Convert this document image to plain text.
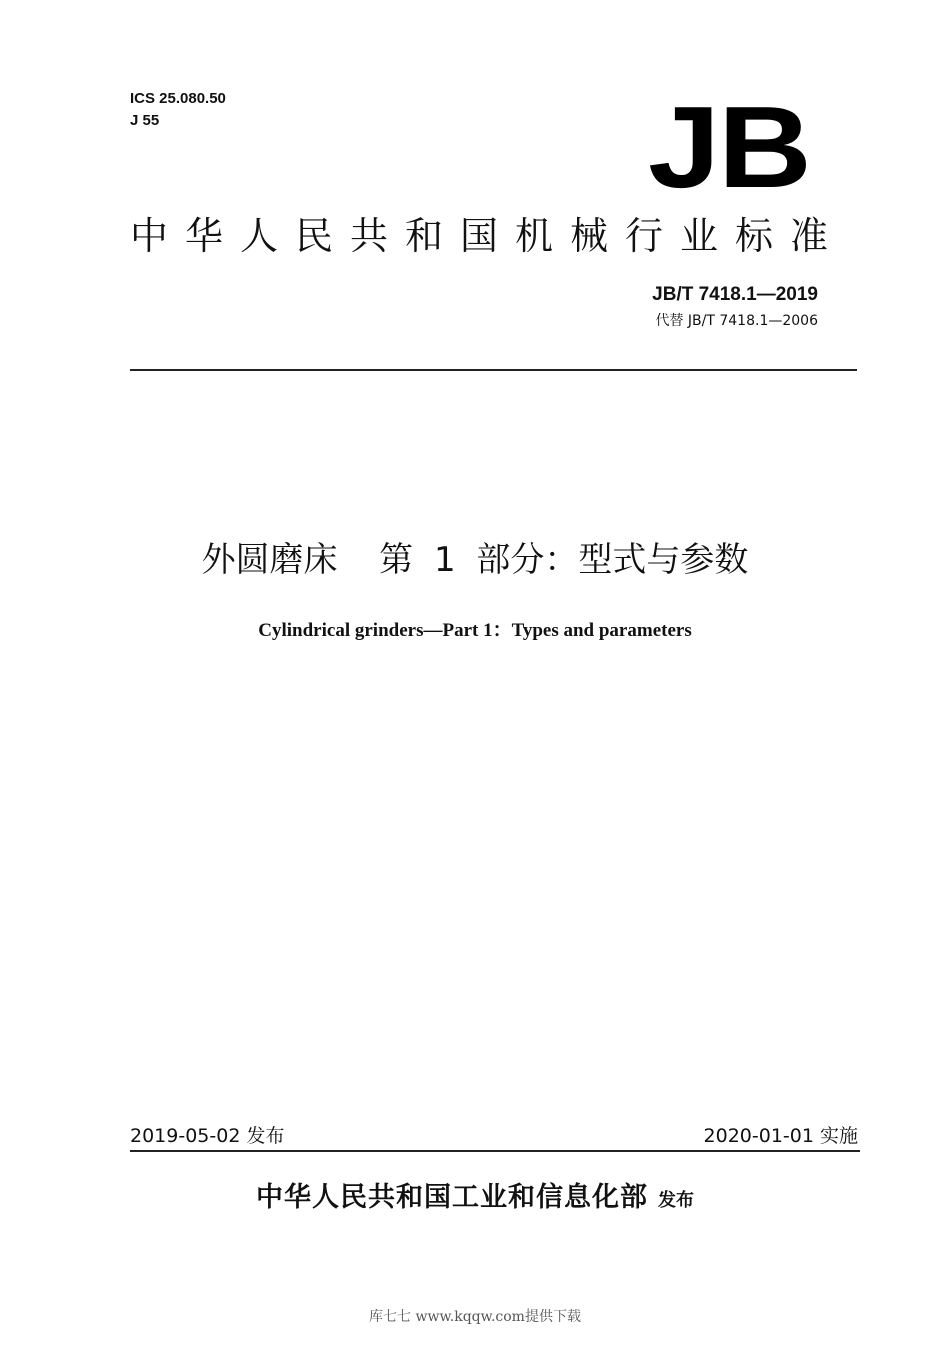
ICS 25.080.50
J 55	JB
中华人民共和国机械行业标准
JB/T 7418.1—2019
代替 JB/T 7418.1—2006
外圆磨床  第 1 部分：型式与参数
Cylindrical grinders—Part 1：Types and parameters
2019-05-02 发布	2020-01-01 实施
中华人民共和国工业和信息化部 发布
库七七 www.kqqw.com提供下载
